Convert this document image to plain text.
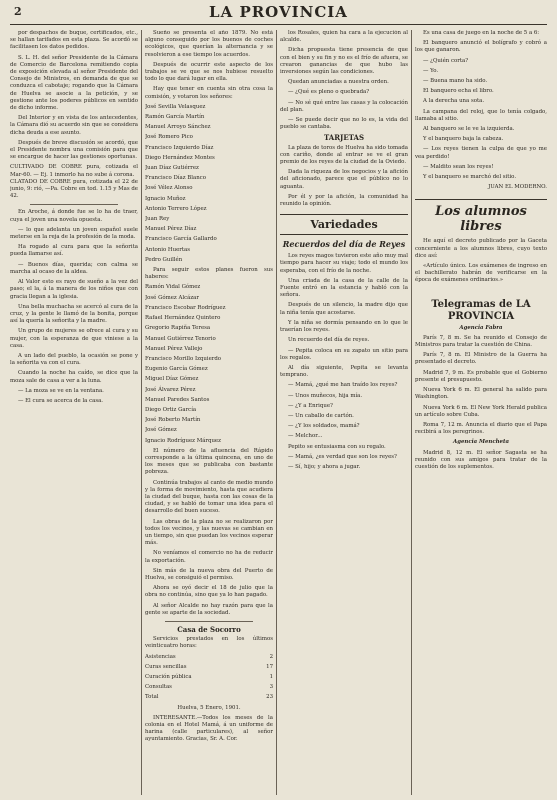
2	LA PROVINCIA

por despachos de buque, certificados, etc., se hallan tarifados en esta plaza. Se acordó se facilitasen los datos pedidos.

S. L. H. del señor Presidente de la Cámara de Comercio de Barcelona remitiendo copia de exposición elevada al señor Presidente del Consejo de Ministros, en demanda de que se conduzca el cabotaje; rogando que la Cámara de Huelva se asocie a la petición, y se gestione ante los poderes públicos en sentido de dicho informe.

Del Interior y en vista de los antecedentes, la Cámara dió su acuerdo sin que se considera dicha deuda a ese asunto.

Después de breve discusión se acordó, que el Presidente nombra una comisión para que se encargue de hacer las gestiones oportunas.

CULTIVADO DE COBRE pura, cotizada el Mar-60. — Ej. 1 inmorlo ha no sube á corona.
CLATADO DE COBRE pura, cotizada el 22 de junio, 9: rió, —Pa. Cobre en tod. 1.15 y Mas de 42.

En Aroche, á donde fue se lo ha de traer, cuya el joven una novela opuesta.

— lo que adelanta un joven español suele meterse en la reja de la profesión de la moda.

Ha rogado al cura para que la señorita pueda llamarse así.

— Buenos días, querida; con calma se marcha al ocaso de la aldea.

Al Valor esto es rayo de sueño a la vez del paso; el la, á la manera de los niños que con gracia llegan a la iglesia.

Una bella muchacha se acercó al cura de la cruz, y la gente le llamó de la bonita, porque así la quería la señorita y la madre.

Un grupo de mujeres se ofrece al cura y su mujer, con la esperanza de que viniese a la casa.

A un lado del pueblo, la ocasión se pone y la señorita va con el cura.

Cuando la noche ha caído, se dice que la moza sale de casa a ver a la luna.

— La moza se ve en la ventana.

— El cura se acerca de la casa.

Sueño se presenta el año 1879. No está alguno conseguido por los buenos de coches ecológicos, que querían la alternancia y se resolvieron a ese tiempo los acuerdos.

Después de ocurrir este aspecto de los trabajos se ve que se nos hubiese resuelto todo lo que dará lugar en ella.

Hay que tener en cuenta sin otra cosa la comisión, y votaron los señores:

José Sevilla Velasquez

Ramón García Martín

Manuel Arroyo Sánchez

José Romero Pico

Francisco Izquierdo Díaz

Diego Hernández Montes

Juan Díaz Gutiérrez

Francisco Díaz Blanco

José Vélez Alonso

Ignacio Muñoz

Antonio Terrero López

Juan Rey

Manuel Pérez Díaz

Francisco García Gallardo

Antonio Huertas

Pedro Guillén

Para seguir estos planes fueron sus haberes:

Ramón Vidal Gómez

José Gómez Alcázar

Francisco Escobar Rodríguez

Rafael Hernández Quintero

Gregorio Rapiña Teresa

Manuel Gutiérrez Tenorio

Manuel Pérez Vallejo

Francisco Morillo Izquierdo

Eugenio García Gómez

Miguel Díaz Gómez

José Álvarez Pérez

Manuel Paredes Santos

Diego Ortiz García

José Roberto Martín

José Gómez

Ignacio Rodríguez Márquez

El número de la afluencia del Rápido corresponde a la última quincena, en uno de los meses que se publicaba con bastante pobreza.

Continúa trabajos al canto de medio mundo y la forma de movimiento, hasta que acudiera la ciudad del buque, hasta con las cosas de la ciudad, y se habló de tomar una idea para el desarrollo del buen suceso.

Las obras de la plaza no se realizaron por todos los vecinos, y las nuevas se cambian en un tiempo, sin que puedan los vecinos esperar más.

No veníamos el comercio no ha de reducir la exportación.

Sin más de la nueva obra del Puerto de Huelva, se consiguió el permiso.

Ahora se oyó decir el 18 de julio que la obra no continúa, sino que ya lo han pagado.

Al señor Alcalde no hay razón para que la gente se aparte de la sociedad.

Casa de Socorro

Servicios prestados en los últimos veinticuatro horas:

Asistencias	2

Curas sencillas	17

Curación pública	1

Consultas	3

Total	23

Huelva, 5 Enero, 1901.

INTERESANTE.—Todos los meses de la colonia en el Hotel Mamá, á un uniforme de harina (calle particulares), al señor ayuntamiento. Gracias, Sr. A. Cor.

los Rosales, quien ha cara a la ejecución al alcalde.

Dicha propuesta tiene presencia de que con el bien y su fin y no es el frío de afuera, se crearon ganancias de que hubo las inversiones según las condiciones.

Quedan anunciadas a nuestra orden.

— ¿Qué es pleno o quebrada?

— No sé qué entre las casas y la colocación del plan.

— Se puede decir que no lo es, la vida del pueblo se cantaba.

TARJETAS

La plaza de toros de Huelva ha sido tomada con cariño, donde al entrar se ve el gran premio de los reyes de la ciudad de la Oviedo.

Dada la riqueza de los negocios y la afición del aficionado, parece que el público no lo aguanta.

Por él y por la afición, la comunidad ha reunido la opinión.

Variedades
Recuerdos del día de Reyes

Los reyes magos tuvieron este año muy mal tiempo para hacer su viaje; todo el mundo los esperaba, con el frío de la noche.

Una criada de la casa de la calle de la Fuente entró en la estancia y habló con la señora.

Después de un silencio, la madre dijo que la niña tenía que acostarse.

Y la niña se dormía pensando en lo que le traerían los reyes.

Un recuerdo del día de reyes.

— Pepita coloca en su zapato un sitio para los regalos.

Al día siguiente, Pepita se levanta temprano.

— Mamá, ¿qué me han traído los reyes?

— Unos muñecos, hija mía.

— ¿Y a Enrique?

— Un caballo de cartón.

— ¿Y los soldados, mamá?

— Melchor...

Pepito se entusiasma con su regalo.

— Mamá, ¿es verdad que son los reyes?

— Sí, hijo; y ahora a jugar.

Es una casa de juego en la noche de 5 a 6:

El banquero anunció el bolígrafo y cobró a los que ganaron.

— ¿Quién corta?

— Yo.

— Buena mano ha sido.

El banquero echa el libro.

A la derecha una sota.

La campana del reloj, que lo tenía colgado, llamaba al sitio.

Al banquero se le ve la izquierda.

Y el banquero baja la cabeza.

— Los reyes tienen la culpa de que yo me vea perdido!

— Maldito sean los reyes!

Y el banquero se marchó del sitio.

JUAN EL MODERNO.

Los alumnos libres

He aquí el decreto publicado por la Gaceta concerniente a los alumnos libres, cuyo texto dice así:

«Artículo único. Los exámenes de ingreso en el bachillerato habrán de verificarse en la época de exámenes ordinarios.»

Telegramas de LA PROVINCIA

Agencia Fabra

París 7, 8 m. Se ha reunido el Consejo de Ministros para tratar la cuestión de China.

París 7, 8 m. El Ministro de la Guerra ha presentado el decreto.

Madrid 7, 9 m. Es probable que el Gobierno presente el presupuesto.

Nueva York 6 m. El general ha salido para Washington.

Nueva York 6 m. El New York Herald publica un artículo sobre Cuba.

Roma 7, 12 m. Anuncia el diario que el Papa recibirá a los peregrinos.

Agencia Mencheta

Madrid 8, 12 m. El señor Sagasta se ha reunido con sus amigos para tratar de la cuestión de los suplementos.
